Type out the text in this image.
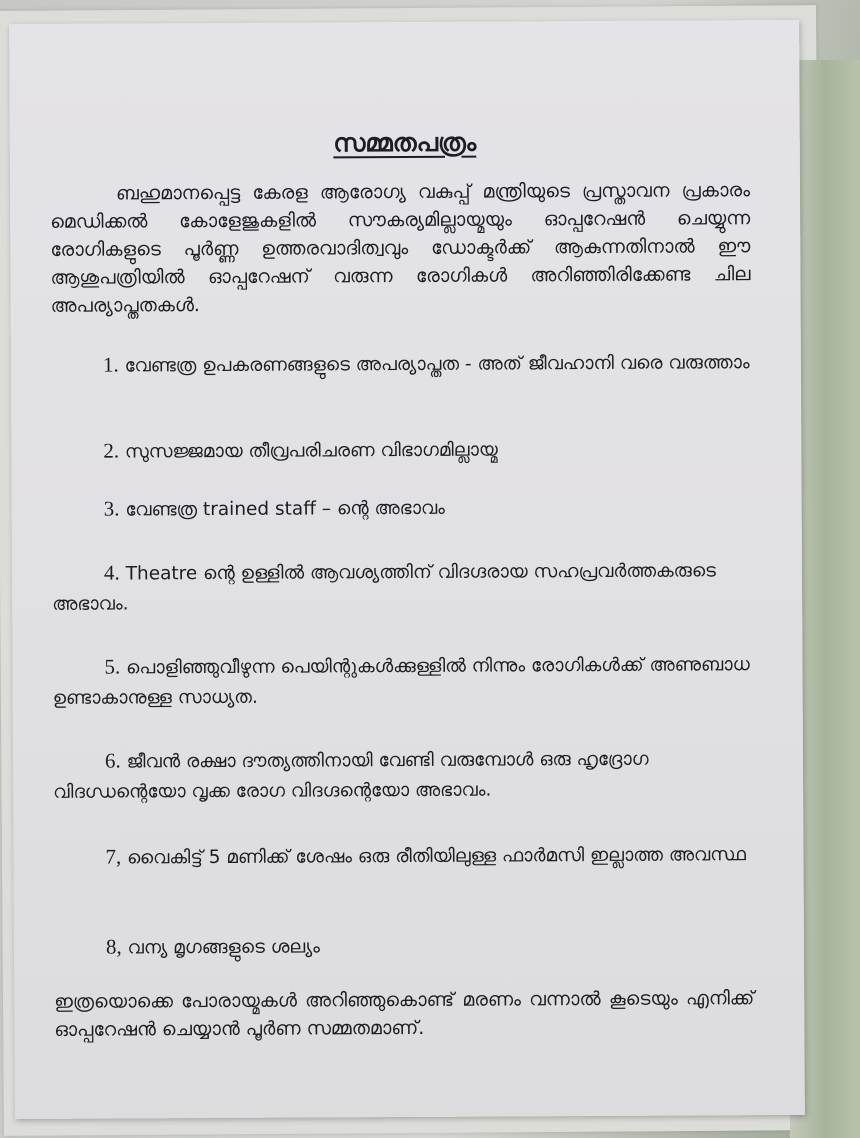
സമ്മതപത്രം

ബഹുമാനപ്പെട്ട കേരള ആരോഗ്യ വകുപ്പ് മന്ത്രിയുടെ പ്രസ്താവന പ്രകാരം മെഡിക്കൽ കോളേജുകളിൽ സൗകര്യമില്ലായ്മയും ഓപ്പറേഷൻ ചെയ്യുന്ന രോഗികളുടെ പൂർണ്ണ ഉത്തരവാദിത്വവും ഡോക്ടർക്ക് ആകുന്നതിനാൽ ഈ ആശുപത്രിയിൽ ഓപ്പറേഷന് വരുന്ന രോഗികൾ അറിഞ്ഞിരിക്കേണ്ട ചില അപര്യാപ്തതകൾ.

1. വേണ്ടത്ര ഉപകരണങ്ങളുടെ അപര്യാപ്തത - അത് ജീവഹാനി വരെ വരുത്താം

2. സുസജ്ജമായ തീവ്രപരിചരണ വിഭാഗമില്ലായ്മ

3. വേണ്ടത്ര trained staff – ന്റെ അഭാവം

4. Theatre ന്റെ ഉള്ളിൽ ആവശ്യത്തിന് വിദഗ്ദരായ സഹപ്രവർത്തകരുടെ അഭാവം.

5. പൊളിഞ്ഞുവീഴുന്ന പെയിന്റുകൾക്കുള്ളിൽ നിന്നും രോഗികൾക്ക് അണുബാധ ഉണ്ടാകാനുള്ള സാധ്യത.

6. ജീവൻ രക്ഷാ ദൗത്യത്തിനായി വേണ്ടി വരുമ്പോൾ ഒരു ഹൃദ്രോഗ വിദഗ്ധന്റെയോ വൃക്ക രോഗ വിദഗ്ദന്റെയോ അഭാവം.

7, വൈകിട്ട് 5 മണിക്ക് ശേഷം ഒരു രീതിയിലുള്ള ഫാർമസി ഇല്ലാത്ത അവസ്ഥ

8, വന്യ മൃഗങ്ങളുടെ ശല്യം

ഇത്രയൊക്കെ പോരായ്മകൾ അറിഞ്ഞുകൊണ്ട് മരണം വന്നാൽ കൂടെയും എനിക്ക് ഓപ്പറേഷൻ ചെയ്യാൻ പൂർണ സമ്മതമാണ്.
